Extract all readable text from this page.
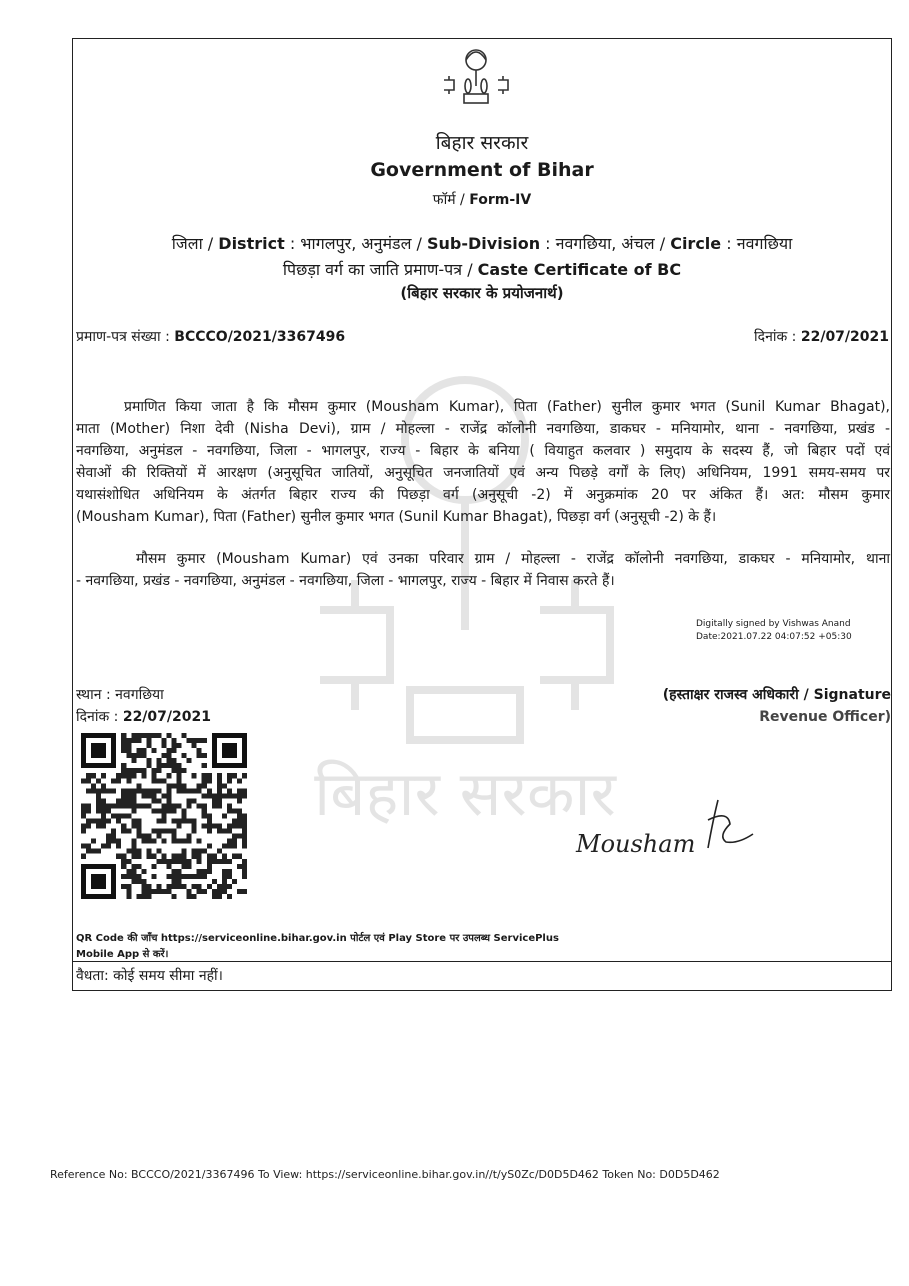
बिहार सरकार
बिहार सरकार
Government of Bihar
फॉर्म / Form-IV
जिला / District : भागलपुर, अनुमंडल / Sub-Division : नवगछिया, अंचल / Circle : नवगछिया
पिछड़ा वर्ग का जाति प्रमाण-पत्र / Caste Certificate of BC
(बिहार सरकार के प्रयोजनार्थ)
प्रमाण-पत्र संख्या : BCCCO/2021/3367496	दिनांक : 22/07/2021
प्रमाणित किया जाता है कि मौसम कुमार (Mousham Kumar), पिता (Father) सुनील कुमार भगत (Sunil Kumar Bhagat),
माता (Mother) निशा देवी (Nisha Devi), ग्राम / मोहल्ला - राजेंद्र कॉलोनी नवगछिया, डाकघर - मनियामोर, थाना - नवगछिया, प्रखंड -
नवगछिया, अनुमंडल - नवगछिया, जिला - भागलपुर, राज्य - बिहार के बनिया ( वियाहुत कलवार ) समुदाय के सदस्य हैं, जो बिहार पदों एवं
सेवाओं की रिक्तियों में आरक्षण (अनुसूचित जातियों, अनुसूचित जनजातियों एवं अन्य पिछड़े वर्गों के लिए) अधिनियम, 1991 समय-समय पर
यथासंशोधित अधिनियम के अंतर्गत बिहार राज्य की पिछड़ा वर्ग (अनुसूची -2) में अनुक्रमांक 20 पर अंकित हैं। अत: मौसम कुमार
(Mousham Kumar), पिता (Father) सुनील कुमार भगत (Sunil Kumar Bhagat), पिछड़ा वर्ग (अनुसूची -2) के हैं।
मौसम कुमार (Mousham Kumar) एवं उनका परिवार ग्राम / मोहल्ला - राजेंद्र कॉलोनी नवगछिया, डाकघर - मनियामोर, थाना
- नवगछिया, प्रखंड - नवगछिया, अनुमंडल - नवगछिया, जिला - भागलपुर, राज्य - बिहार में निवास करते हैं।
Digitally signed by Vishwas Anand
Date:2021.07.22 04:07:52 +05:30
स्थान : नवगछिया
दिनांक : 22/07/2021
(हस्ताक्षर राजस्व अधिकारी / Signature
Revenue Officer)
Mousham
QR Code की जाँच https://serviceonline.bihar.gov.in पोर्टल एवं Play Store पर उपलब्ध ServicePlus
Mobile App से करें।
वैधता: कोई समय सीमा नहीं।
Reference No: BCCCO/2021/3367496 To View: https://serviceonline.bihar.gov.in//t/yS0Zc/D0D5D462 Token No: D0D5D462
